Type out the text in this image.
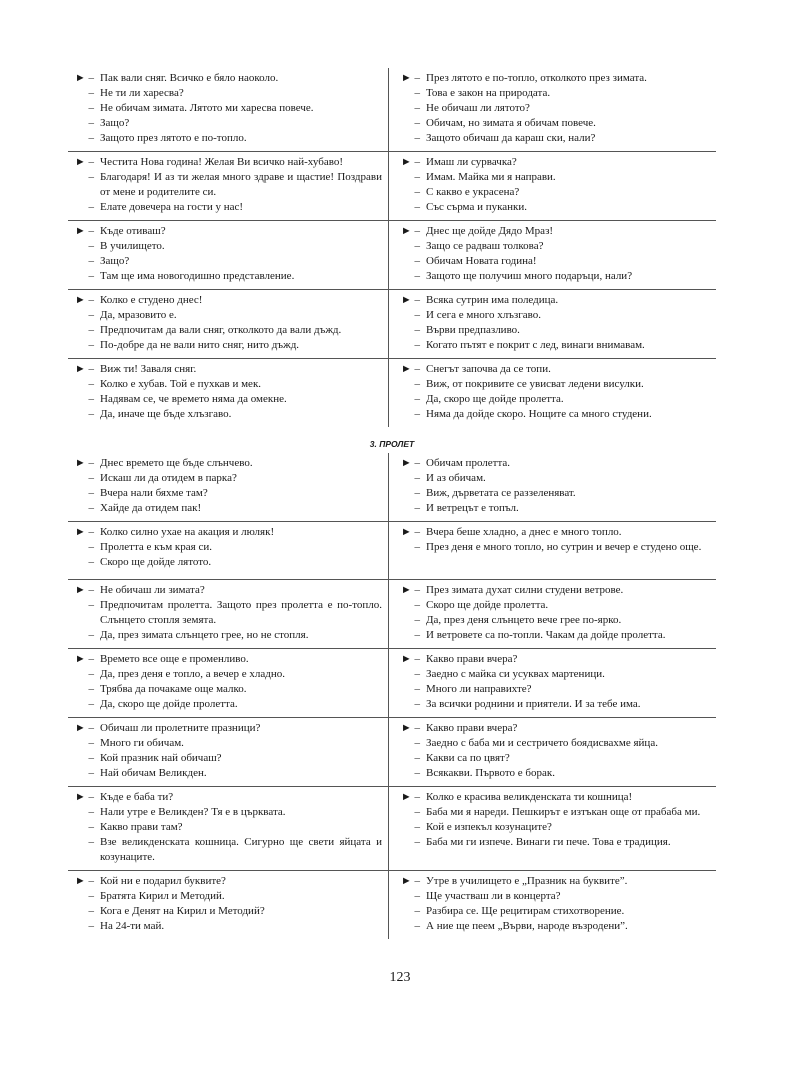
► – Пак вали сняг. Всичко е бяло наоколо.
– Не ти ли харесва?
– Не обичам зимата. Лятото ми харесва повече.
– Защо?
– Защото през лятото е по-топло.
► – През лятото е по-топло, отколкото през зимата.
– Това е закон на природата.
– Не обичаш ли лятото?
– Обичам, но зимата я обичам повече.
– Защото обичаш да караш ски, нали?
► – Честита Нова година! Желая Ви всичко най-хубаво!
– Благодаря! И аз ти желая много здраве и щастие! Поздрави от мене и родителите си.
– Елате довечера на гости у нас!
► – Имаш ли сурвачка?
– Имам. Майка ми я направи.
– С какво е украсена?
– Със сърма и пуканки.
► – Къде отиваш?
– В училището.
– Защо?
– Там ще има новогодишно представление.
► – Днес ще дойде Дядо Мраз!
– Защо се радваш толкова?
– Обичам Новата година!
– Защото ще получиш много подаръци, нали?
► – Колко е студено днес!
– Да, мразовито е.
– Предпочитам да вали сняг, отколкото да вали дъжд.
– По-добре да не вали нито сняг, нито дъжд.
► – Всяка сутрин има поледица.
– И сега е много хлъзгаво.
– Върви предпазливо.
– Когато пътят е покрит с лед, винаги внимавам.
► – Виж ти! Заваля сняг.
– Колко е хубав. Той е пухкав и мек.
– Надявам се, че времето няма да омекне.
– Да, иначе ще бъде хлъзгаво.
► – Снегът започва да се топи.
– Виж, от покривите се увисват ледени висулки.
– Да, скоро ще дойде пролетта.
– Няма да дойде скоро. Нощите са много студени.
3. ПРОЛЕТ
► – Днес времето ще бъде слънчево.
– Искаш ли да отидем в парка?
– Вчера нали бяхме там?
– Хайде да отидем пак!
► – Обичам пролетта.
– И аз обичам.
– Виж, дърветата се раззеленяват.
– И ветрецът е топъл.
► – Колко силно ухае на акация и люляк!
– Пролетта е към края си.
– Скоро ще дойде лятото.
► – Вчера беше хладно, а днес е много топло.
– През деня е много топло, но сутрин и вечер е студено още.
► – Не обичаш ли зимата?
– Предпочитам пролетта. Защото през пролетта е по-топло. Слънцето стопля земята.
– Да, през зимата слънцето грее, но не стопля.
► – През зимата духат силни студени ветрове.
– Скоро ще дойде пролетта.
– Да, през деня слънцето вече грее по-ярко.
– И ветровете са по-топли. Чакам да дойде пролетта.
► – Времето все още е променливо.
– Да, през деня е топло, а вечер е хладно.
– Трябва да почакаме още малко.
– Да, скоро ще дойде пролетта.
► – Какво прави вчера?
– Заедно с майка си усуквах мартеници.
– Много ли направихте?
– За всички роднини и приятели. И за тебе има.
► – Обичаш ли пролетните празници?
– Много ги обичам.
– Кой празник най обичаш?
– Най обичам Великден.
► – Какво прави вчера?
– Заедно с баба ми и сестричето боядисвахме яйца.
– Какви са по цвят?
– Всякакви. Първото е борак.
► – Къде е баба ти?
– Нали утре е Великден? Тя е в църквата.
– Какво прави там?
– Взе великденската кошница. Сигурно ще свети яйцата и козунаците.
► – Колко е красива великденската ти кошница!
– Баба ми я нареди. Пешкирът е изтъкан още от прабаба ми.
– Кой е изпекъл козунаците?
– Баба ми ги изпече. Винаги ги пече. Това е традиция.
► – Кой ни е подарил буквите?
– Братята Кирил и Методий.
– Кога е Денят на Кирил и Методий?
– На 24-ти май.
► – Утре в училището е „Празник на буквите”.
– Ще участваш ли в концерта?
– Разбира се. Ще рецитирам стихотворение.
– А ние ще пеем „Върви, народе възродени”.
123
